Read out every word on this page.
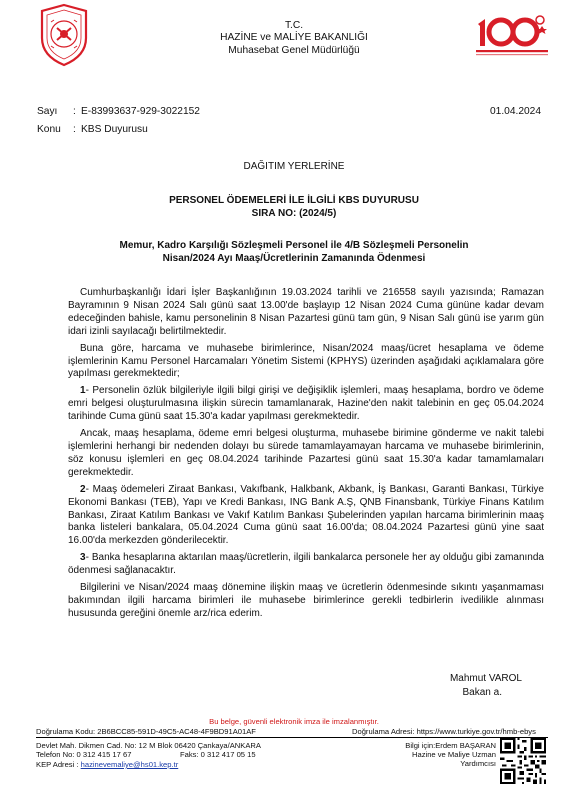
T.C.
HAZİNE ve MALİYE BAKANLIĞI
Muhasebat Genel Müdürlüğü
Sayı : E-83993637-929-3022152	01.04.2024
Konu : KBS Duyurusu
DAĞITIM YERLERİNE
PERSONEL ÖDEMELERİ İLE İLGİLİ KBS DUYURUSU
SIRA NO: (2024/5)
Memur, Kadro Karşılığı Sözleşmeli Personel ile 4/B Sözleşmeli Personelin
Nisan/2024 Ayı Maaş/Ücretlerinin Zamanında Ödenmesi

Cumhurbaşkanlığı İdari İşler Başkanlığının 19.03.2024 tarihli ve 216558 sayılı yazısında; Ramazan Bayramının 9 Nisan 2024 Salı günü saat 13.00'de başlayıp 12 Nisan 2024 Cuma gününe kadar devam edeceğinden bahisle, kamu personelinin 8 Nisan Pazartesi günü tam gün, 9 Nisan Salı günü ise yarım gün idari izinli sayılacağı belirtilmektedir.

Buna göre, harcama ve muhasebe birimlerince, Nisan/2024 maaş/ücret hesaplama ve ödeme işlemlerinin Kamu Personel Harcamaları Yönetim Sistemi (KPHYS) üzerinden aşağıdaki açıklamalara göre yapılması gerekmektedir;

1- Personelin özlük bilgileriyle ilgili bilgi girişi ve değişiklik işlemleri, maaş hesaplama, bordro ve ödeme emri belgesi oluşturulmasına ilişkin sürecin tamamlanarak, Hazine'den nakit talebinin en geç 05.04.2024 tarihinde Cuma günü saat 15.30'a kadar yapılması gerekmektedir.

Ancak, maaş hesaplama, ödeme emri belgesi oluşturma, muhasebe birimine gönderme ve nakit talebi işlemlerini herhangi bir nedenden dolayı bu sürede tamamlayamayan harcama ve muhasebe birimlerinin, söz konusu işlemleri en geç 08.04.2024 tarihinde Pazartesi günü saat 15.30'a kadar tamamlamaları gerekmektedir.

2- Maaş ödemeleri Ziraat Bankası, Vakıfbank, Halkbank, Akbank, İş Bankası, Garanti Bankası, Türkiye Ekonomi Bankası (TEB), Yapı ve Kredi Bankası, ING Bank A.Ş, QNB Finansbank, Türkiye Finans Katılım Bankası, Ziraat Katılım Bankası ve Vakıf Katılım Bankası Şubelerinden yapılan harcama birimlerinin maaş banka listeleri bankalara, 05.04.2024 Cuma günü saat 16.00'da; 08.04.2024 Pazartesi günü yine saat 16.00'da merkezden gönderilecektir.

3- Banka hesaplarına aktarılan maaş/ücretlerin, ilgili bankalarca personele her ay olduğu gibi zamanında ödenmesi sağlanacaktır.

Bilgilerini ve Nisan/2024 maaş dönemine ilişkin maaş ve ücretlerin ödenmesinde sıkıntı yaşanmaması bakımından ilgili harcama birimleri ile muhasebe birimlerince gerekli tedbirlerin ivedilikle alınması hususunda gereğini önemle arz/rica ederim.

Mahmut VAROL
Bakan a.
Bu belge, güvenli elektronik imza ile imzalanmıştır.
Doğrulama Kodu: 2B6BCC85-591D-49C5-AC48-4F9BD91A01AF	Doğrulama Adresi: https://www.turkiye.gov.tr/hmb-ebys
Devlet Mah. Dikmen Cad. No: 12 M Blok 06420 Çankaya/ANKARA
Telefon No: 0 312 415 17 67	Faks: 0 312 417 05 15
KEP Adresi : hazinevemaliye@hs01.kep.tr
Bilgi için:Erdem BAŞARAN
Hazine ve Maliye Uzman
Yardımcısı
